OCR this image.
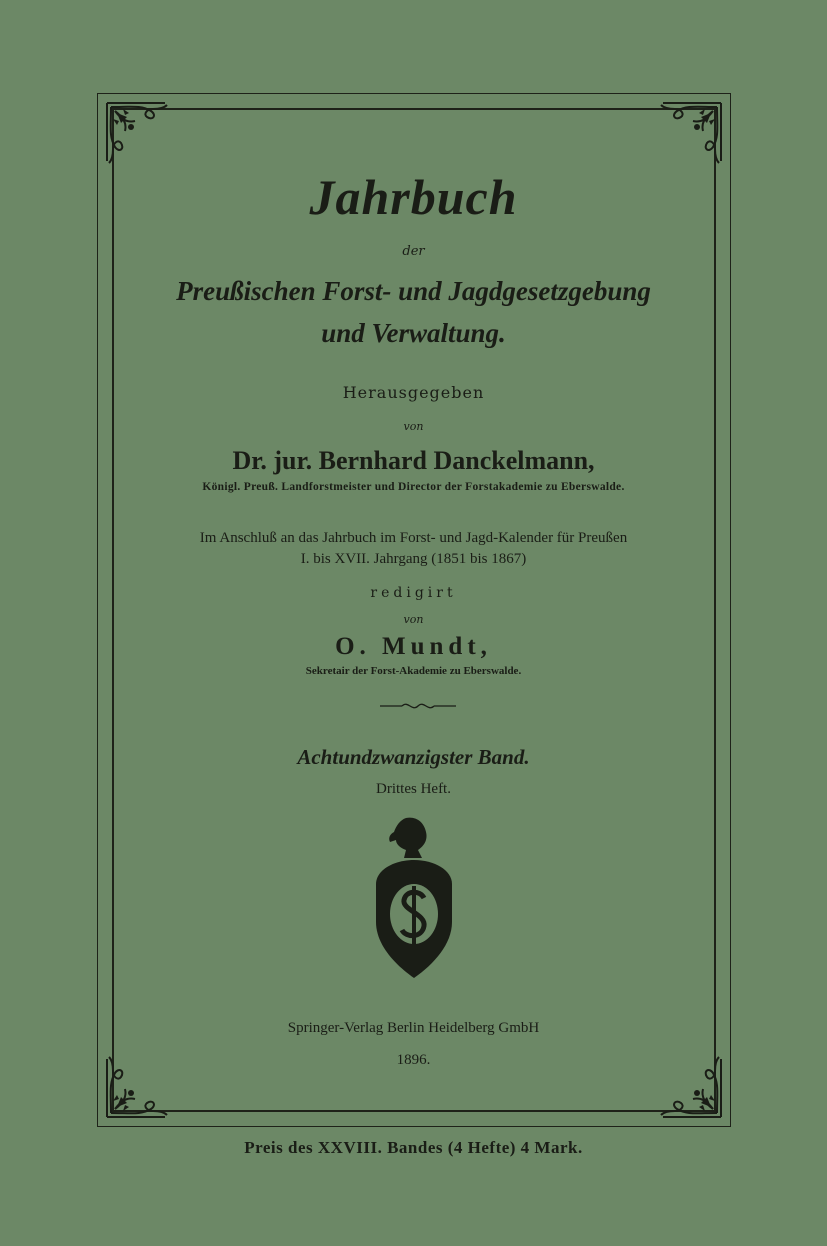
Jahrbuch
der
Preußischen Forst- und Jagdgesetzgebung
und Verwaltung.
Herausgegeben
von
Dr. jur. Bernhard Danckelmann,
Königl. Preuß. Landforstmeister und Director der Forstakademie zu Eberswalde.
Im Anschluß an das Jahrbuch im Forst- und Jagd-Kalender für Preußen
I. bis XVII. Jahrgang (1851 bis 1867)
redigirt
von
O. Mundt,
Sekretair der Forst-Akademie zu Eberswalde.
Achtundzwanzigster Band.
Drittes Heft.
Springer-Verlag Berlin Heidelberg GmbH
1896.
Preis des XXVIII. Bandes (4 Hefte) 4 Mark.
